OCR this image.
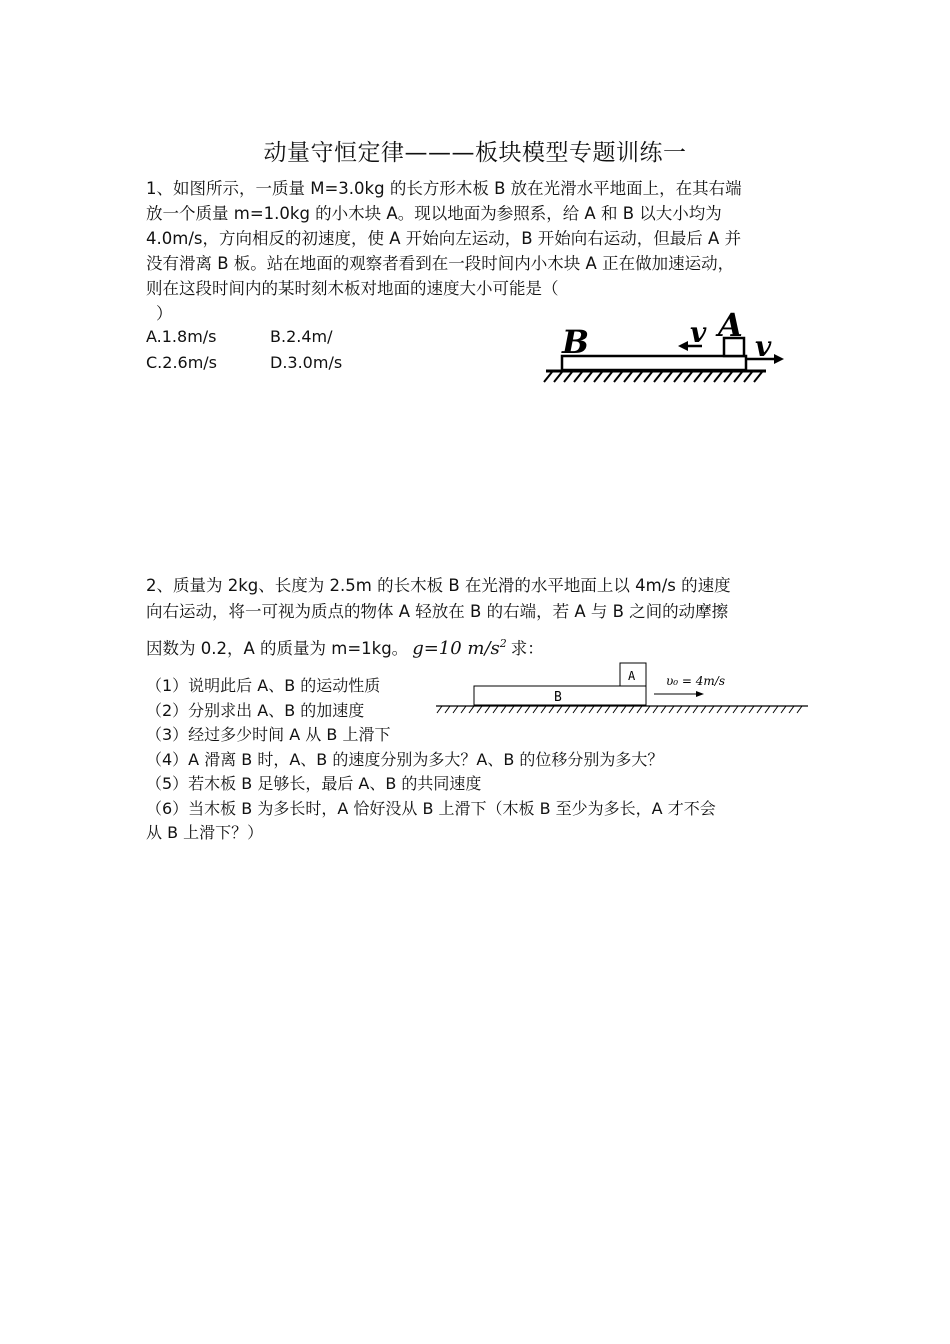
动量守恒定律———板块模型专题训练一
1、如图所示，一质量 M=3.0kg 的长方形木板 B 放在光滑水平地面上，在其右端
放一个质量 m=1.0kg 的小木块 A。现以地面为参照系，给 A 和 B 以大小均为
4.0m/s，方向相反的初速度，使 A 开始向左运动，B 开始向右运动，但最后 A 并
没有滑离 B 板。站在地面的观察者看到在一段时间内小木块 A 正在做加速运动，
则在这段时间内的某时刻木板对地面的速度大小可能是（
）
A.1.8m/s	B.2.4m/
C.2.6m/s	D.3.0m/s
B	A
v v
2、质量为 2kg、长度为 2.5m 的长木板 B 在光滑的水平地面上以 4m/s 的速度
向右运动，将一可视为质点的物体 A 轻放在 B 的右端，若 A 与 B 之间的动摩擦
因数为 0.2，A 的质量为 m=1kg。 g=10 $m/s^2$ 求：
（1）说明此后 A、B 的运动性质
（2）分别求出 A、B 的加速度
（3）经过多少时间 A 从 B 上滑下
（4）A 滑离 B 时，A、B 的速度分别为多大？A、B 的位移分别为多大？
（5）若木板 B 足够长，最后 A、B 的共同速度
（6）当木板 B 为多长时，A 恰好没从 B 上滑下（木板 B 至少为多长，A 才不会
从 B 上滑下？）
B
A	υ₀ = 4m/s
